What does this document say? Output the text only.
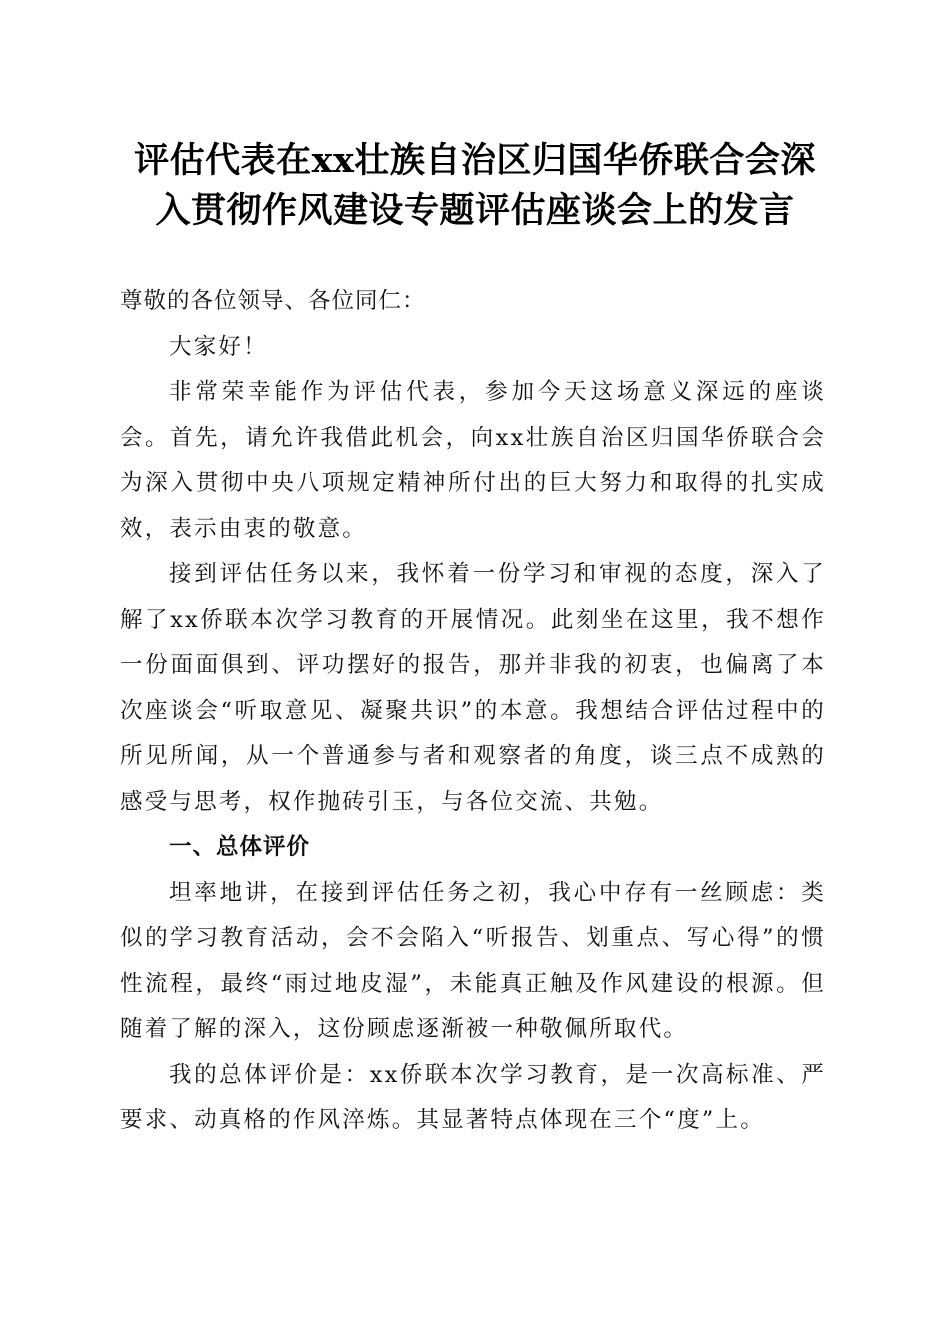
评估代表在xx壮族自治区归国华侨联合会深
入贯彻作风建设专题评估座谈会上的发言

尊敬的各位领导、各位同仁：

大家好！

非常荣幸能作为评估代表，参加今天这场意义深远的座谈会。首先，请允许我借此机会，向xx壮族自治区归国华侨联合会为深入贯彻中央八项规定精神所付出的巨大努力和取得的扎实成效，表示由衷的敬意。

接到评估任务以来，我怀着一份学习和审视的态度，深入了解了xx侨联本次学习教育的开展情况。此刻坐在这里，我不想作一份面面俱到、评功摆好的报告，那并非我的初衷，也偏离了本次座谈会“听取意见、凝聚共识”的本意。我想结合评估过程中的所见所闻，从一个普通参与者和观察者的角度，谈三点不成熟的感受与思考，权作抛砖引玉，与各位交流、共勉。

一、总体评价

坦率地讲，在接到评估任务之初，我心中存有一丝顾虑：类似的学习教育活动，会不会陷入“听报告、划重点、写心得”的惯性流程，最终“雨过地皮湿”，未能真正触及作风建设的根源。但随着了解的深入，这份顾虑逐渐被一种敬佩所取代。

我的总体评价是：xx侨联本次学习教育，是一次高标准、严要求、动真格的作风淬炼。其显著特点体现在三个“度”上。
